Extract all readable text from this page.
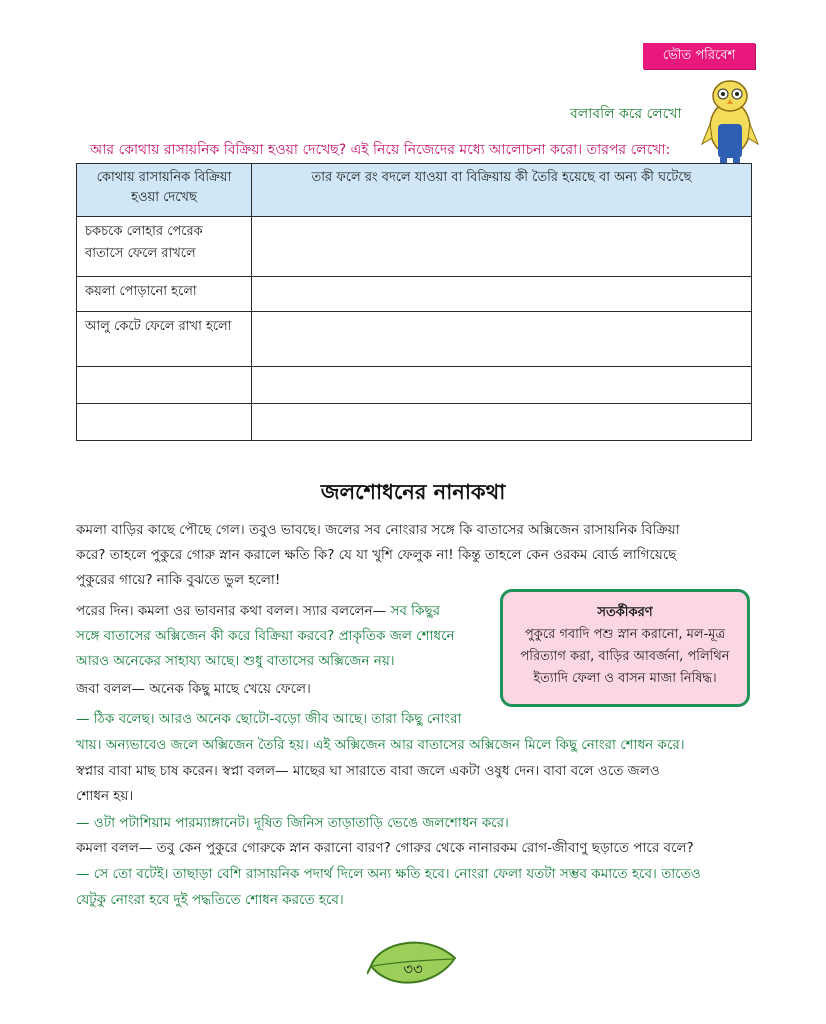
ভৌত পরিবেশ
বলাবলি করে লেখো
আর কোথায় রাসায়নিক বিক্রিয়া হওয়া দেখেছ? এই নিয়ে নিজেদের মধ্যে আলোচনা করো। তারপর লেখো:
কোথায় রাসায়নিক বিক্রিয়া হওয়া দেখেছ	তার ফলে রং বদলে যাওয়া বা বিক্রিয়ায় কী তৈরি হয়েছে বা অন্য কী ঘটেছে
চকচকে লোহার পেরেক বাতাসে ফেলে রাখলে	
কয়লা পোড়ানো হলো	
আলু কেটে ফেলে রাখা হলো	

জলশোধনের নানাকথা
কমলা বাড়ির কাছে পৌছে গেল। তবুও ভাবছে। জলের সব নোংরার সঙ্গে কি বাতাসের অক্সিজেন রাসায়নিক বিক্রিয়া
করে? তাহলে পুকুরে গোরু স্নান করালে ক্ষতি কি? যে যা খুশি ফেলুক না! কিন্তু তাহলে কেন ওরকম বোর্ড লাগিয়েছে
পুকুরের গায়ে? নাকি বুঝতে ভুল হলো!
পরের দিন। কমলা ওর ভাবনার কথা বলল। স্যার বললেন— সব কিছুর
সঙ্গে বাতাসের অক্সিজেন কী করে বিক্রিয়া করবে? প্রাকৃতিক জল শোধনে
আরও অনেকের সাহায্য আছে। শুধু বাতাসের অক্সিজেন নয়।
জবা বলল— অনেক কিছু মাছে খেয়ে ফেলে।
— ঠিক বলেছ। আরও অনেক ছোটো-বড়ো জীব আছে। তারা কিছু নোংরা
খায়। অন্যভাবেও জলে অক্সিজেন তৈরি হয়। এই অক্সিজেন আর বাতাসের অক্সিজেন মিলে কিছু নোংরা শোধন করে।
স্বপ্নার বাবা মাছ চাষ করেন। স্বপ্না বলল— মাছের ঘা সারাতে বাবা জলে একটা ওষুধ দেন। বাবা বলে ওতে জলও
শোধন হয়।
— ওটা পটাশিয়াম পারম্যাঙ্গানেট। দূষিত জিনিস তাড়াতাড়ি ভেঙে জলশোধন করে।
কমলা বলল— তবু কেন পুকুরে গোরুকে স্নান করানো বারণ? গোরুর থেকে নানারকম রোগ-জীবাণু ছড়াতে পারে বলে?
— সে তো বটেই। তাছাড়া বেশি রাসায়নিক পদার্থ দিলে অন্য ক্ষতি হবে। নোংরা ফেলা যতটা সম্ভব কমাতে হবে। তাতেও
যেটুকু নোংরা হবে দুই পদ্ধতিতে শোধন করতে হবে।
সতর্কীকরণ
পুকুরে গবাদি পশু স্নান করানো, মল-মূত্র
পরিত্যাগ করা, বাড়ির আবর্জনা, পলিথিন
ইত্যাদি ফেলা ও বাসন মাজা নিষিদ্ধ।
৩৩
